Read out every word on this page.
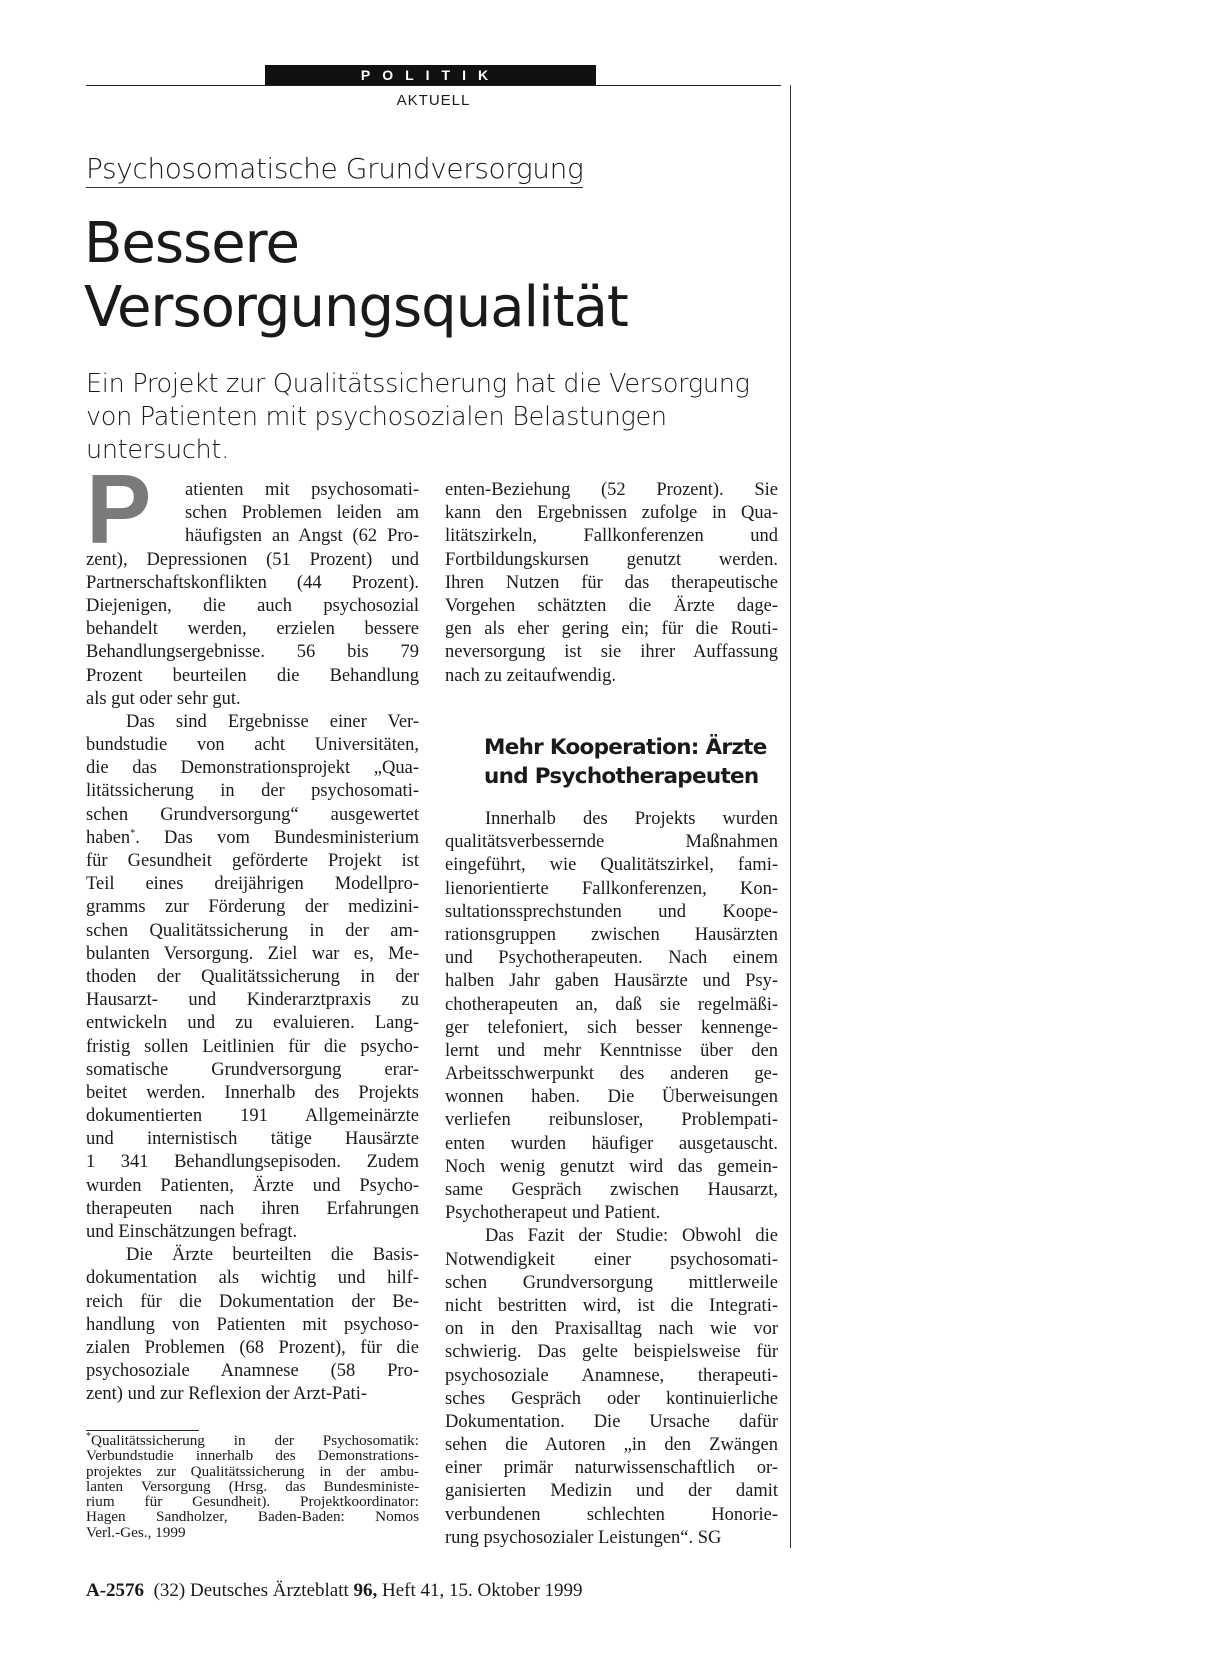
POLITIK
AKTUELL
Psychosomatische Grundversorgung
Bessere
Versorgungsqualität
Ein Projekt zur Qualitätssicherung hat die Versorgung von Patienten mit psychosozialen Belastungen untersucht.
P	atienten mit psychosomati-
schen Problemen leiden am
häufigsten an Angst (62 Pro-
zent), Depressionen (51 Prozent) und
Partnerschaftskonflikten (44 Prozent).
Diejenigen, die auch psychosozial
behandelt werden, erzielen bessere
Behandlungsergebnisse. 56 bis 79
Prozent beurteilen die Behandlung
als gut oder sehr gut.
Das sind Ergebnisse einer Ver-
bundstudie von acht Universitäten,
die das Demonstrationsprojekt „Qua-
litätssicherung in der psychosomati-
schen Grundversorgung“ ausgewertet
haben*. Das vom Bundesministerium
für Gesundheit geförderte Projekt ist
Teil eines dreijährigen Modellpro-
gramms zur Förderung der medizini-
schen Qualitätssicherung in der am-
bulanten Versorgung. Ziel war es, Me-
thoden der Qualitätssicherung in der
Hausarzt- und Kinderarztpraxis zu
entwickeln und zu evaluieren. Lang-
fristig sollen Leitlinien für die psycho-
somatische Grundversorgung erar-
beitet werden. Innerhalb des Projekts
dokumentierten 191 Allgemeinärzte
und internistisch tätige Hausärzte
1 341 Behandlungsepisoden. Zudem
wurden Patienten, Ärzte und Psycho-
therapeuten nach ihren Erfahrungen
und Einschätzungen befragt.
Die Ärzte beurteilten die Basis-
dokumentation als wichtig und hilf-
reich für die Dokumentation der Be-
handlung von Patienten mit psychoso-
zialen Problemen (68 Prozent), für die
psychosoziale Anamnese (58 Pro-
zent) und zur Reflexion der Arzt-Pati-
enten-Beziehung (52 Prozent). Sie
kann den Ergebnissen zufolge in Qua-
litätszirkeln, Fallkonferenzen und
Fortbildungskursen genutzt werden.
Ihren Nutzen für das therapeutische
Vorgehen schätzten die Ärzte dage-
gen als eher gering ein; für die Routi-
neversorgung ist sie ihrer Auffassung
nach zu zeitaufwendig.
Mehr Kooperation: Ärzte
und Psychotherapeuten
Innerhalb des Projekts wurden
qualitätsverbessernde Maßnahmen
eingeführt, wie Qualitätszirkel, fami-
lienorientierte Fallkonferenzen, Kon-
sultationssprechstunden und Koope-
rationsgruppen zwischen Hausärzten
und Psychotherapeuten. Nach einem
halben Jahr gaben Hausärzte und Psy-
chotherapeuten an, daß sie regelmäßi-
ger telefoniert, sich besser kennenge-
lernt und mehr Kenntnisse über den
Arbeitsschwerpunkt des anderen ge-
wonnen haben. Die Überweisungen
verliefen reibunsloser, Problempati-
enten wurden häufiger ausgetauscht.
Noch wenig genutzt wird das gemein-
same Gespräch zwischen Hausarzt,
Psychotherapeut und Patient.
Das Fazit der Studie: Obwohl die
Notwendigkeit einer psychosomati-
schen Grundversorgung mittlerweile
nicht bestritten wird, ist die Integrati-
on in den Praxisalltag nach wie vor
schwierig. Das gelte beispielsweise für
psychosoziale Anamnese, therapeuti-
sches Gespräch oder kontinuierliche
Dokumentation. Die Ursache dafür
sehen die Autoren „in den Zwängen
einer primär naturwissenschaftlich or-
ganisierten Medizin und der damit
verbundenen schlechten Honorie-
rung psychosozialer Leistungen“. SG
*Qualitätssicherung in der Psychosomatik:
Verbundstudie innerhalb des Demonstrations-
projektes zur Qualitätssicherung in der ambu-
lanten Versorgung (Hrsg. das Bundesministe-
rium für Gesundheit). Projektkoordinator:
Hagen Sandholzer, Baden-Baden: Nomos
Verl.-Ges., 1999
A-2576 (32) Deutsches Ärzteblatt 96, Heft 41, 15. Oktober 1999
